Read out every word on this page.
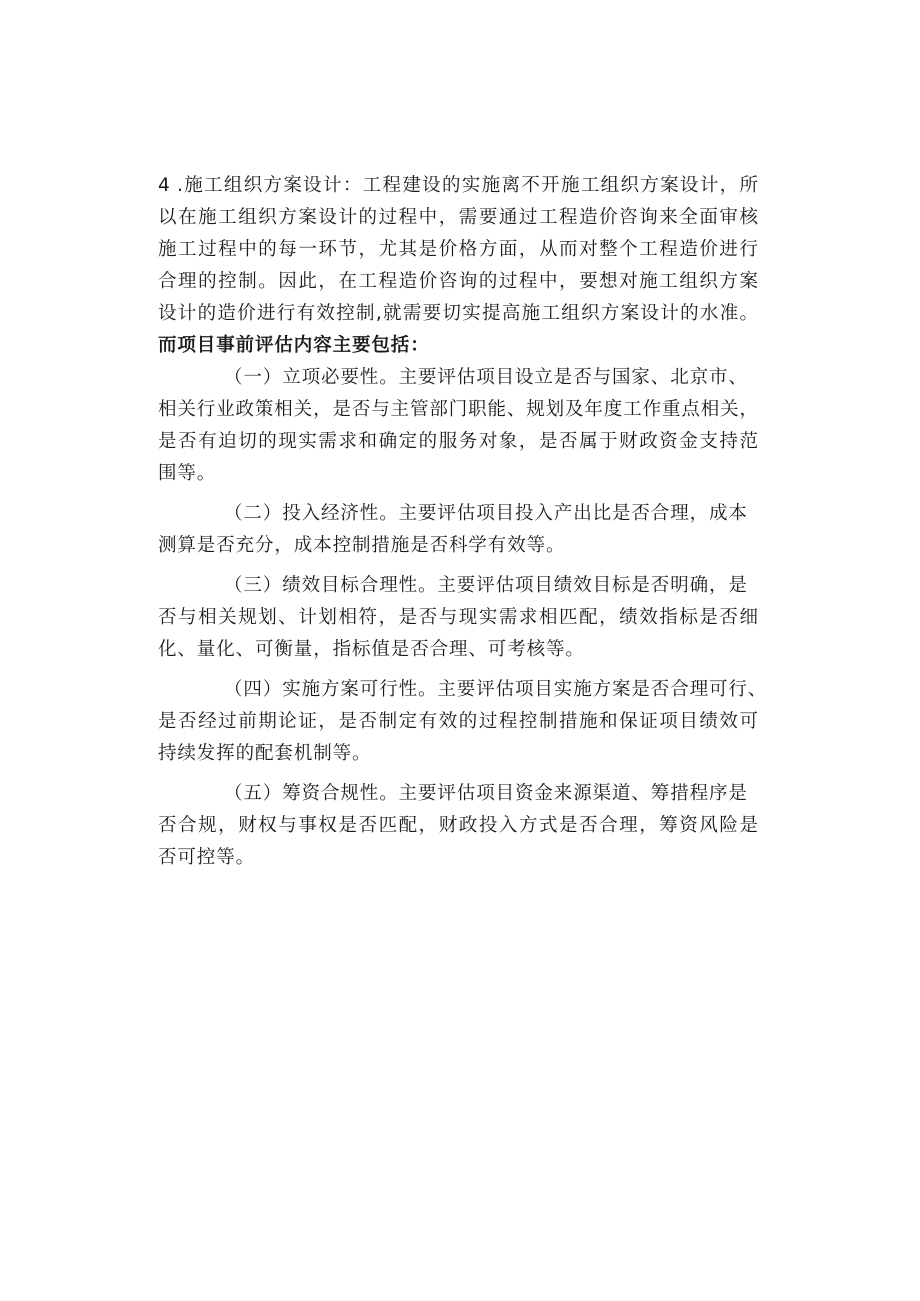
4 .施工组织方案设计：工程建设的实施离不开施工组织方案设计，所
以在施工组织方案设计的过程中，需要通过工程造价咨询来全面审核
施工过程中的每一环节，尤其是价格方面，从而对整个工程造价进行
合理的控制。因此，在工程造价咨询的过程中，要想对施工组织方案
设计的造价进行有效控制,就需要切实提高施工组织方案设计的水准。
而项目事前评估内容主要包括：
（一）立项必要性。主要评估项目设立是否与国家、北京市、
相关行业政策相关，是否与主管部门职能、规划及年度工作重点相关，
是否有迫切的现实需求和确定的服务对象，是否属于财政资金支持范
围等。
（二）投入经济性。主要评估项目投入产出比是否合理，成本
测算是否充分，成本控制措施是否科学有效等。
（三）绩效目标合理性。主要评估项目绩效目标是否明确，是
否与相关规划、计划相符，是否与现实需求相匹配，绩效指标是否细
化、量化、可衡量，指标值是否合理、可考核等。
（四）实施方案可行性。主要评估项目实施方案是否合理可行、
是否经过前期论证，是否制定有效的过程控制措施和保证项目绩效可
持续发挥的配套机制等。
（五）筹资合规性。主要评估项目资金来源渠道、筹措程序是
否合规，财权与事权是否匹配，财政投入方式是否合理，筹资风险是
否可控等。
